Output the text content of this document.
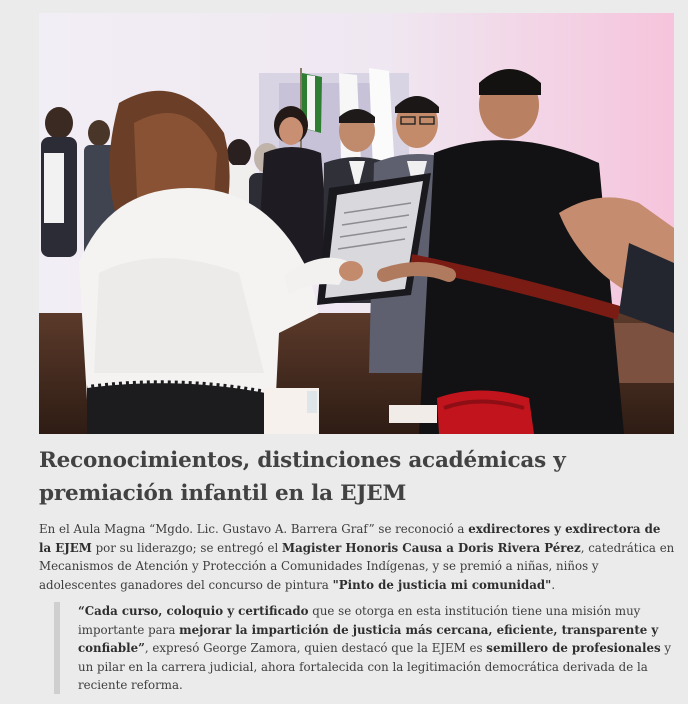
Reconocimientos, distinciones académicas y premiación infantil en la EJEM

En el Aula Magna “Mgdo. Lic. Gustavo A. Barrera Graf” se reconoció a exdirectores y exdirectora de la EJEM por su liderazgo; se entregó el Magister Honoris Causa a Doris Rivera Pérez, catedrática en Mecanismos de Atención y Protección a Comunidades Indígenas, y se premió a niñas, niños y adolescentes ganadores del concurso de pintura "Pinto de justicia mi comunidad".

“Cada curso, coloquio y certificado que se otorga en esta institución tiene una misión muy importante para mejorar la impartición de justicia más cercana, eficiente, transparente y confiable”, expresó George Zamora, quien destacó que la EJEM es semillero de profesionales y un pilar en la carrera judicial, ahora fortalecida con la legitimación democrática derivada de la reciente reforma.
